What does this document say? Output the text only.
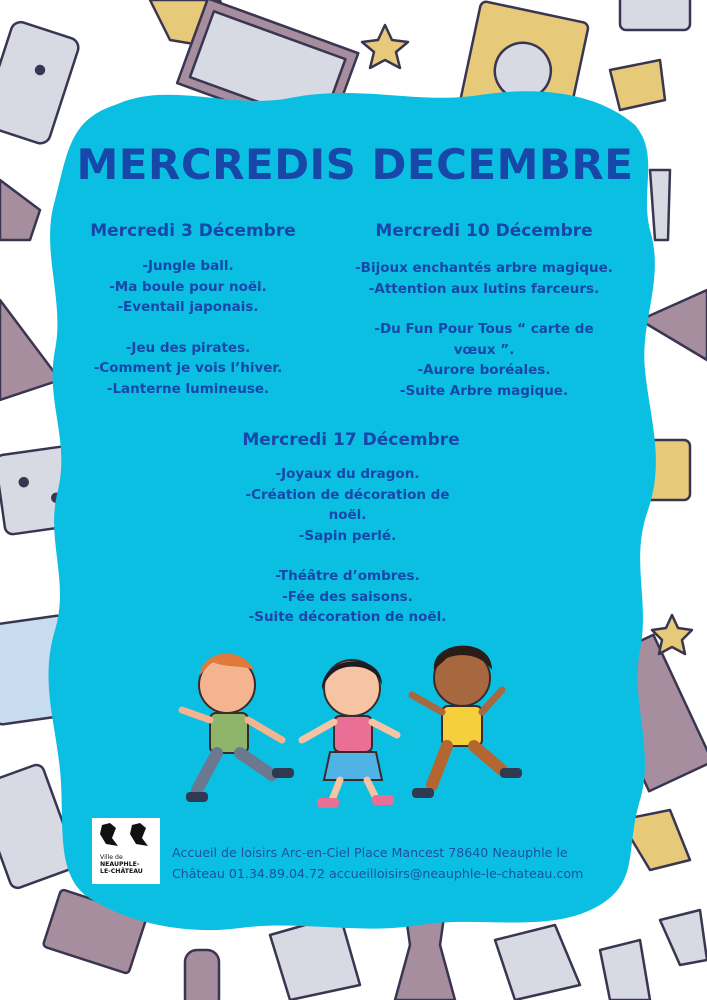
MERCREDIS DECEMBRE
Mercredi 3 Décembre
-Jungle ball.
-Ma boule pour noël.
-Eventail japonais.
-Jeu des pirates.
-Comment je vois l’hiver.
-Lanterne lumineuse.
Mercredi 10 Décembre
-Bijoux enchantés arbre magique.
-Attention aux lutins farceurs.
-Du Fun Pour Tous “ carte de
vœux ”.
-Aurore boréales.
-Suite Arbre magique.
Mercredi 17 Décembre
-Joyaux du dragon.
-Création de décoration de
noël.
-Sapin perlé.
-Théâtre d’ombres.
-Fée des saisons.
-Suite décoration de noël.
Ville de
NEAUPHLE-
LE-CHÂTEAU
Accueil de loisirs Arc-en-Ciel Place Mancest 78640 Neauphle le
Château 01.34.89.04.72 accueilloisirs@neauphle-le-chateau.com
